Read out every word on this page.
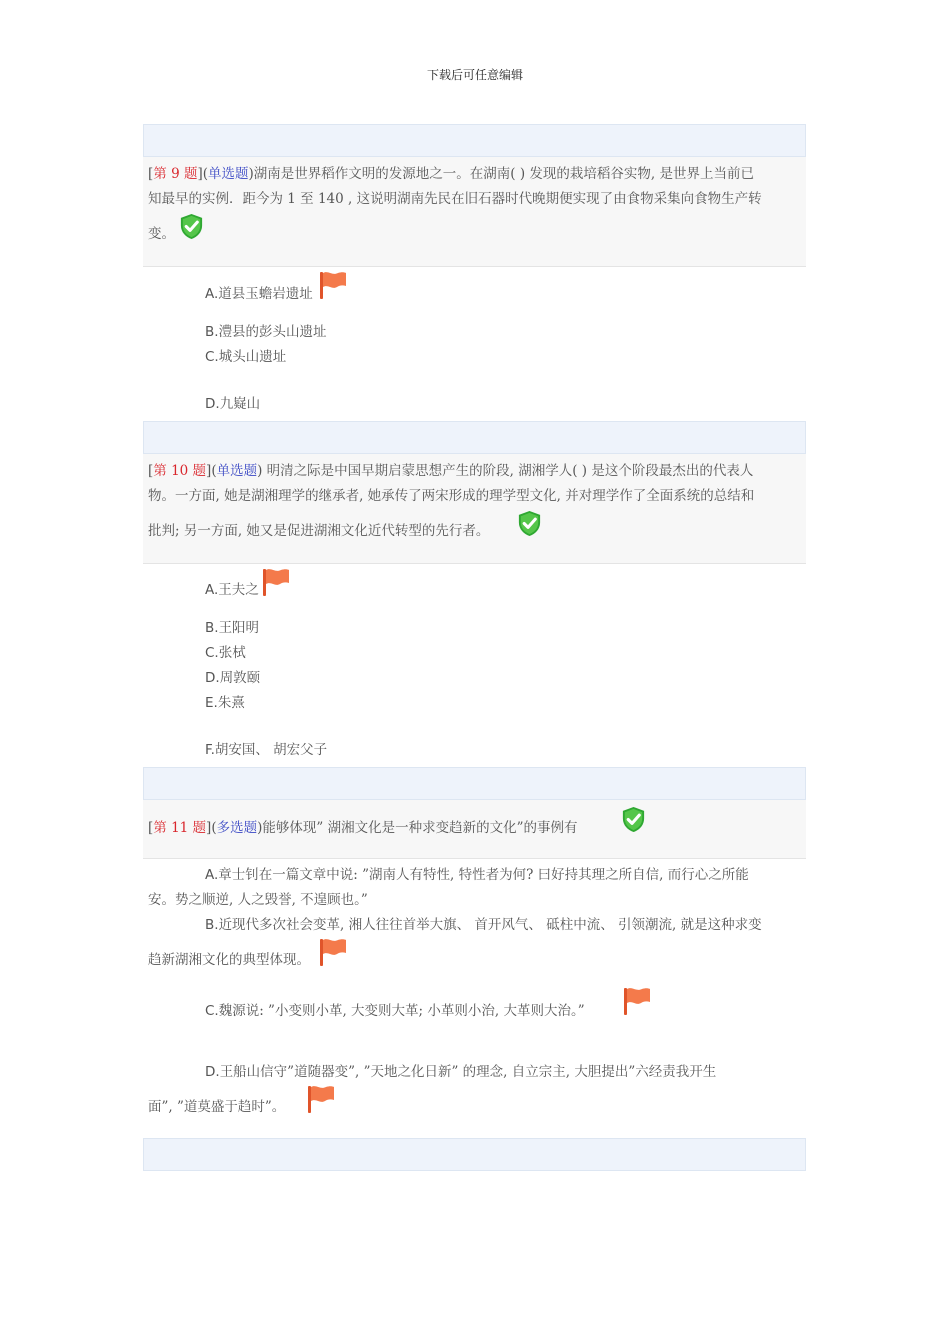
下载后可任意编辑
[第 9 题](单选题)湖南是世界稻作文明的发源地之一。在湖南( ) 发现的栽培稻谷实物, 是世界上当前已
知最早的实例．距今为 1 至 140 , 这说明湖南先民在旧石器时代晚期便实现了由食物采集向食物生产转
变。
A.道县玉蟾岩遗址
B.澧县的彭头山遗址
C.城头山遗址
D.九嶷山
[第 10 题](单选题) 明清之际是中国早期启蒙思想产生的阶段, 湖湘学人( ) 是这个阶段最杰出的代表人
物。一方面, 她是湖湘理学的继承者, 她承传了两宋形成的理学型文化, 并对理学作了全面系统的总结和
批判; 另一方面, 她又是促进湖湘文化近代转型的先行者。
A.王夫之
B.王阳明
C.张栻
D.周敦颐
E.朱熹
F.胡安国、 胡宏父子
[第 11 题](多选题)能够体现” 湖湘文化是一种求变趋新的文化”的事例有
A.章士钊在一篇文章中说: ”湖南人有特性, 特性者为何? 曰好持其理之所自信, 而行心之所能
安。势之顺逆, 人之毁誉, 不遑顾也。”
B.近现代多次社会变革, 湘人往往首举大旗、 首开风气、 砥柱中流、 引领潮流, 就是这种求变
趋新湖湘文化的典型体现。
C.魏源说: ”小变则小革, 大变则大革; 小革则小治, 大革则大治。”
D.王船山信守”道随器变”, ”天地之化日新” 的理念, 自立宗主, 大胆提出”六经责我开生
面”, ”道莫盛于趋时”。
